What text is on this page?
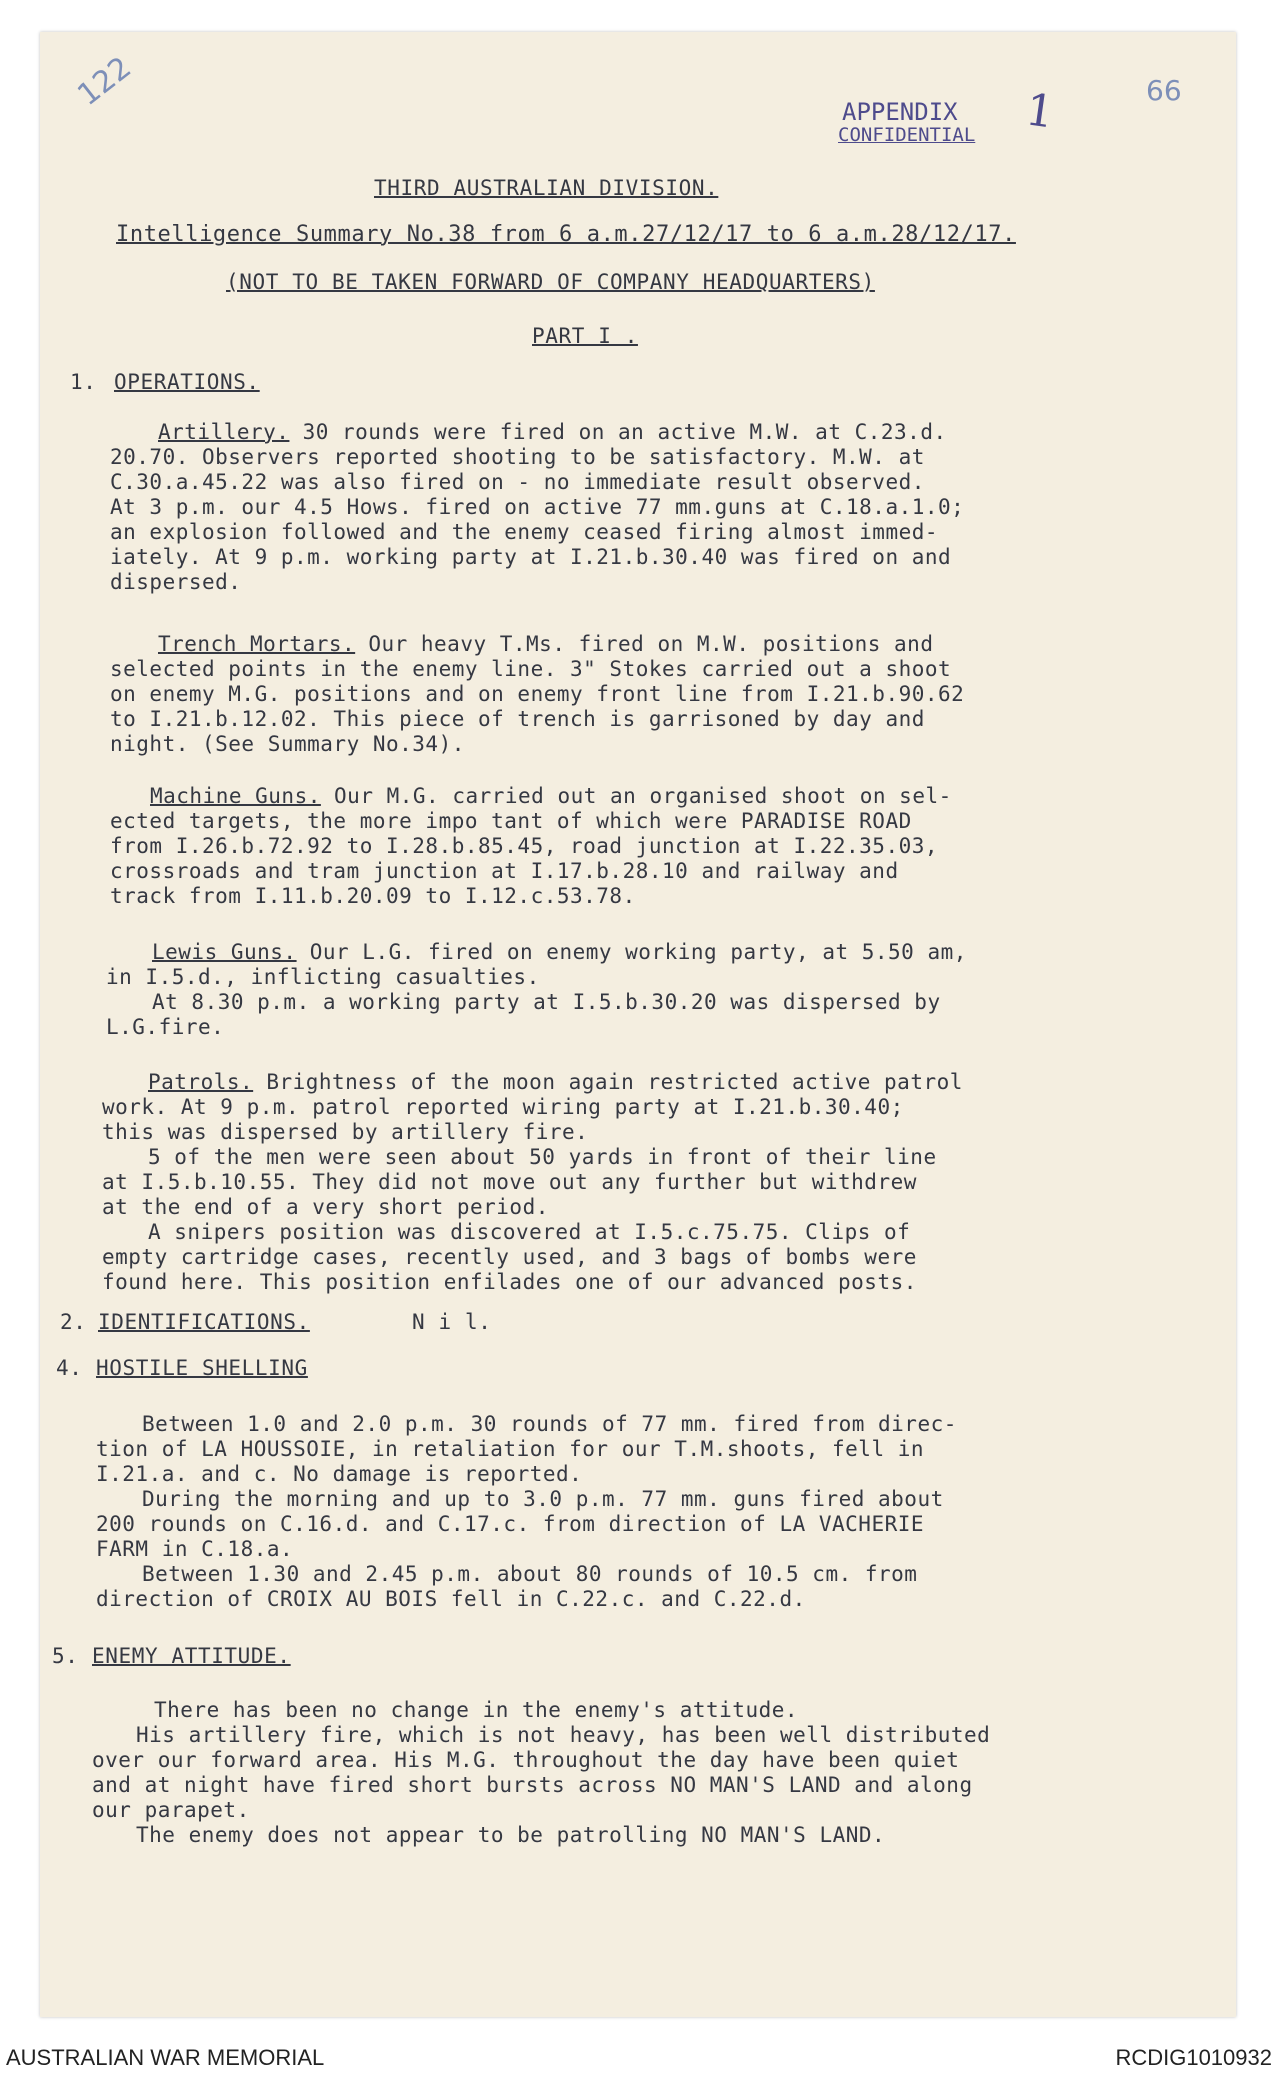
122	66
APPENDIX
CONFIDENTIAL 1
THIRD AUSTRALIAN DIVISION.
Intelligence Summary No.38 from 6 a.m.27/12/17 to 6 a.m.28/12/17.
(NOT TO BE TAKEN FORWARD OF COMPANY HEADQUARTERS)
PART I .
1. OPERATIONS.
Artillery. 30 rounds were fired on an active M.W. at C.23.d.
20.70. Observers reported shooting to be satisfactory. M.W. at
C.30.a.45.22 was also fired on - no immediate result observed.
At 3 p.m. our 4.5 Hows. fired on active 77 mm.guns at C.18.a.1.0;
an explosion followed and the enemy ceased firing almost immed-
iately. At 9 p.m. working party at I.21.b.30.40 was fired on and
dispersed.
Trench Mortars. Our heavy T.Ms. fired on M.W. positions and
selected points in the enemy line. 3" Stokes carried out a shoot
on enemy M.G. positions and on enemy front line from I.21.b.90.62
to I.21.b.12.02. This piece of trench is garrisoned by day and
night. (See Summary No.34).
Machine Guns. Our M.G. carried out an organised shoot on sel-
ected targets, the more impo tant of which were PARADISE ROAD
from I.26.b.72.92 to I.28.b.85.45, road junction at I.22.35.03,
crossroads and tram junction at I.17.b.28.10 and railway and
track from I.11.b.20.09 to I.12.c.53.78.
Lewis Guns. Our L.G. fired on enemy working party, at 5.50 am,
in I.5.d., inflicting casualties.
At 8.30 p.m. a working party at I.5.b.30.20 was dispersed by
L.G.fire.
Patrols. Brightness of the moon again restricted active patrol
work. At 9 p.m. patrol reported wiring party at I.21.b.30.40;
this was dispersed by artillery fire.
5 of the men were seen about 50 yards in front of their line
at I.5.b.10.55. They did not move out any further but withdrew
at the end of a very short period.
A snipers position was discovered at I.5.c.75.75. Clips of
empty cartridge cases, recently used, and 3 bags of bombs were
found here. This position enfilades one of our advanced posts.
2. IDENTIFICATIONS.	N i l.
4. HOSTILE SHELLING
Between 1.0 and 2.0 p.m. 30 rounds of 77 mm. fired from direc-
tion of LA HOUSSOIE, in retaliation for our T.M.shoots, fell in
I.21.a. and c. No damage is reported.
During the morning and up to 3.0 p.m. 77 mm. guns fired about
200 rounds on C.16.d. and C.17.c. from direction of LA VACHERIE
FARM in C.18.a.
Between 1.30 and 2.45 p.m. about 80 rounds of 10.5 cm. from
direction of CROIX AU BOIS fell in C.22.c. and C.22.d.
5. ENEMY ATTITUDE.
There has been no change in the enemy's attitude.
His artillery fire, which is not heavy, has been well distributed
over our forward area. His M.G. throughout the day have been quiet
and at night have fired short bursts across NO MAN'S LAND and along
our parapet.
The enemy does not appear to be patrolling NO MAN'S LAND.
AUSTRALIAN WAR MEMORIAL	RCDIG1010932
